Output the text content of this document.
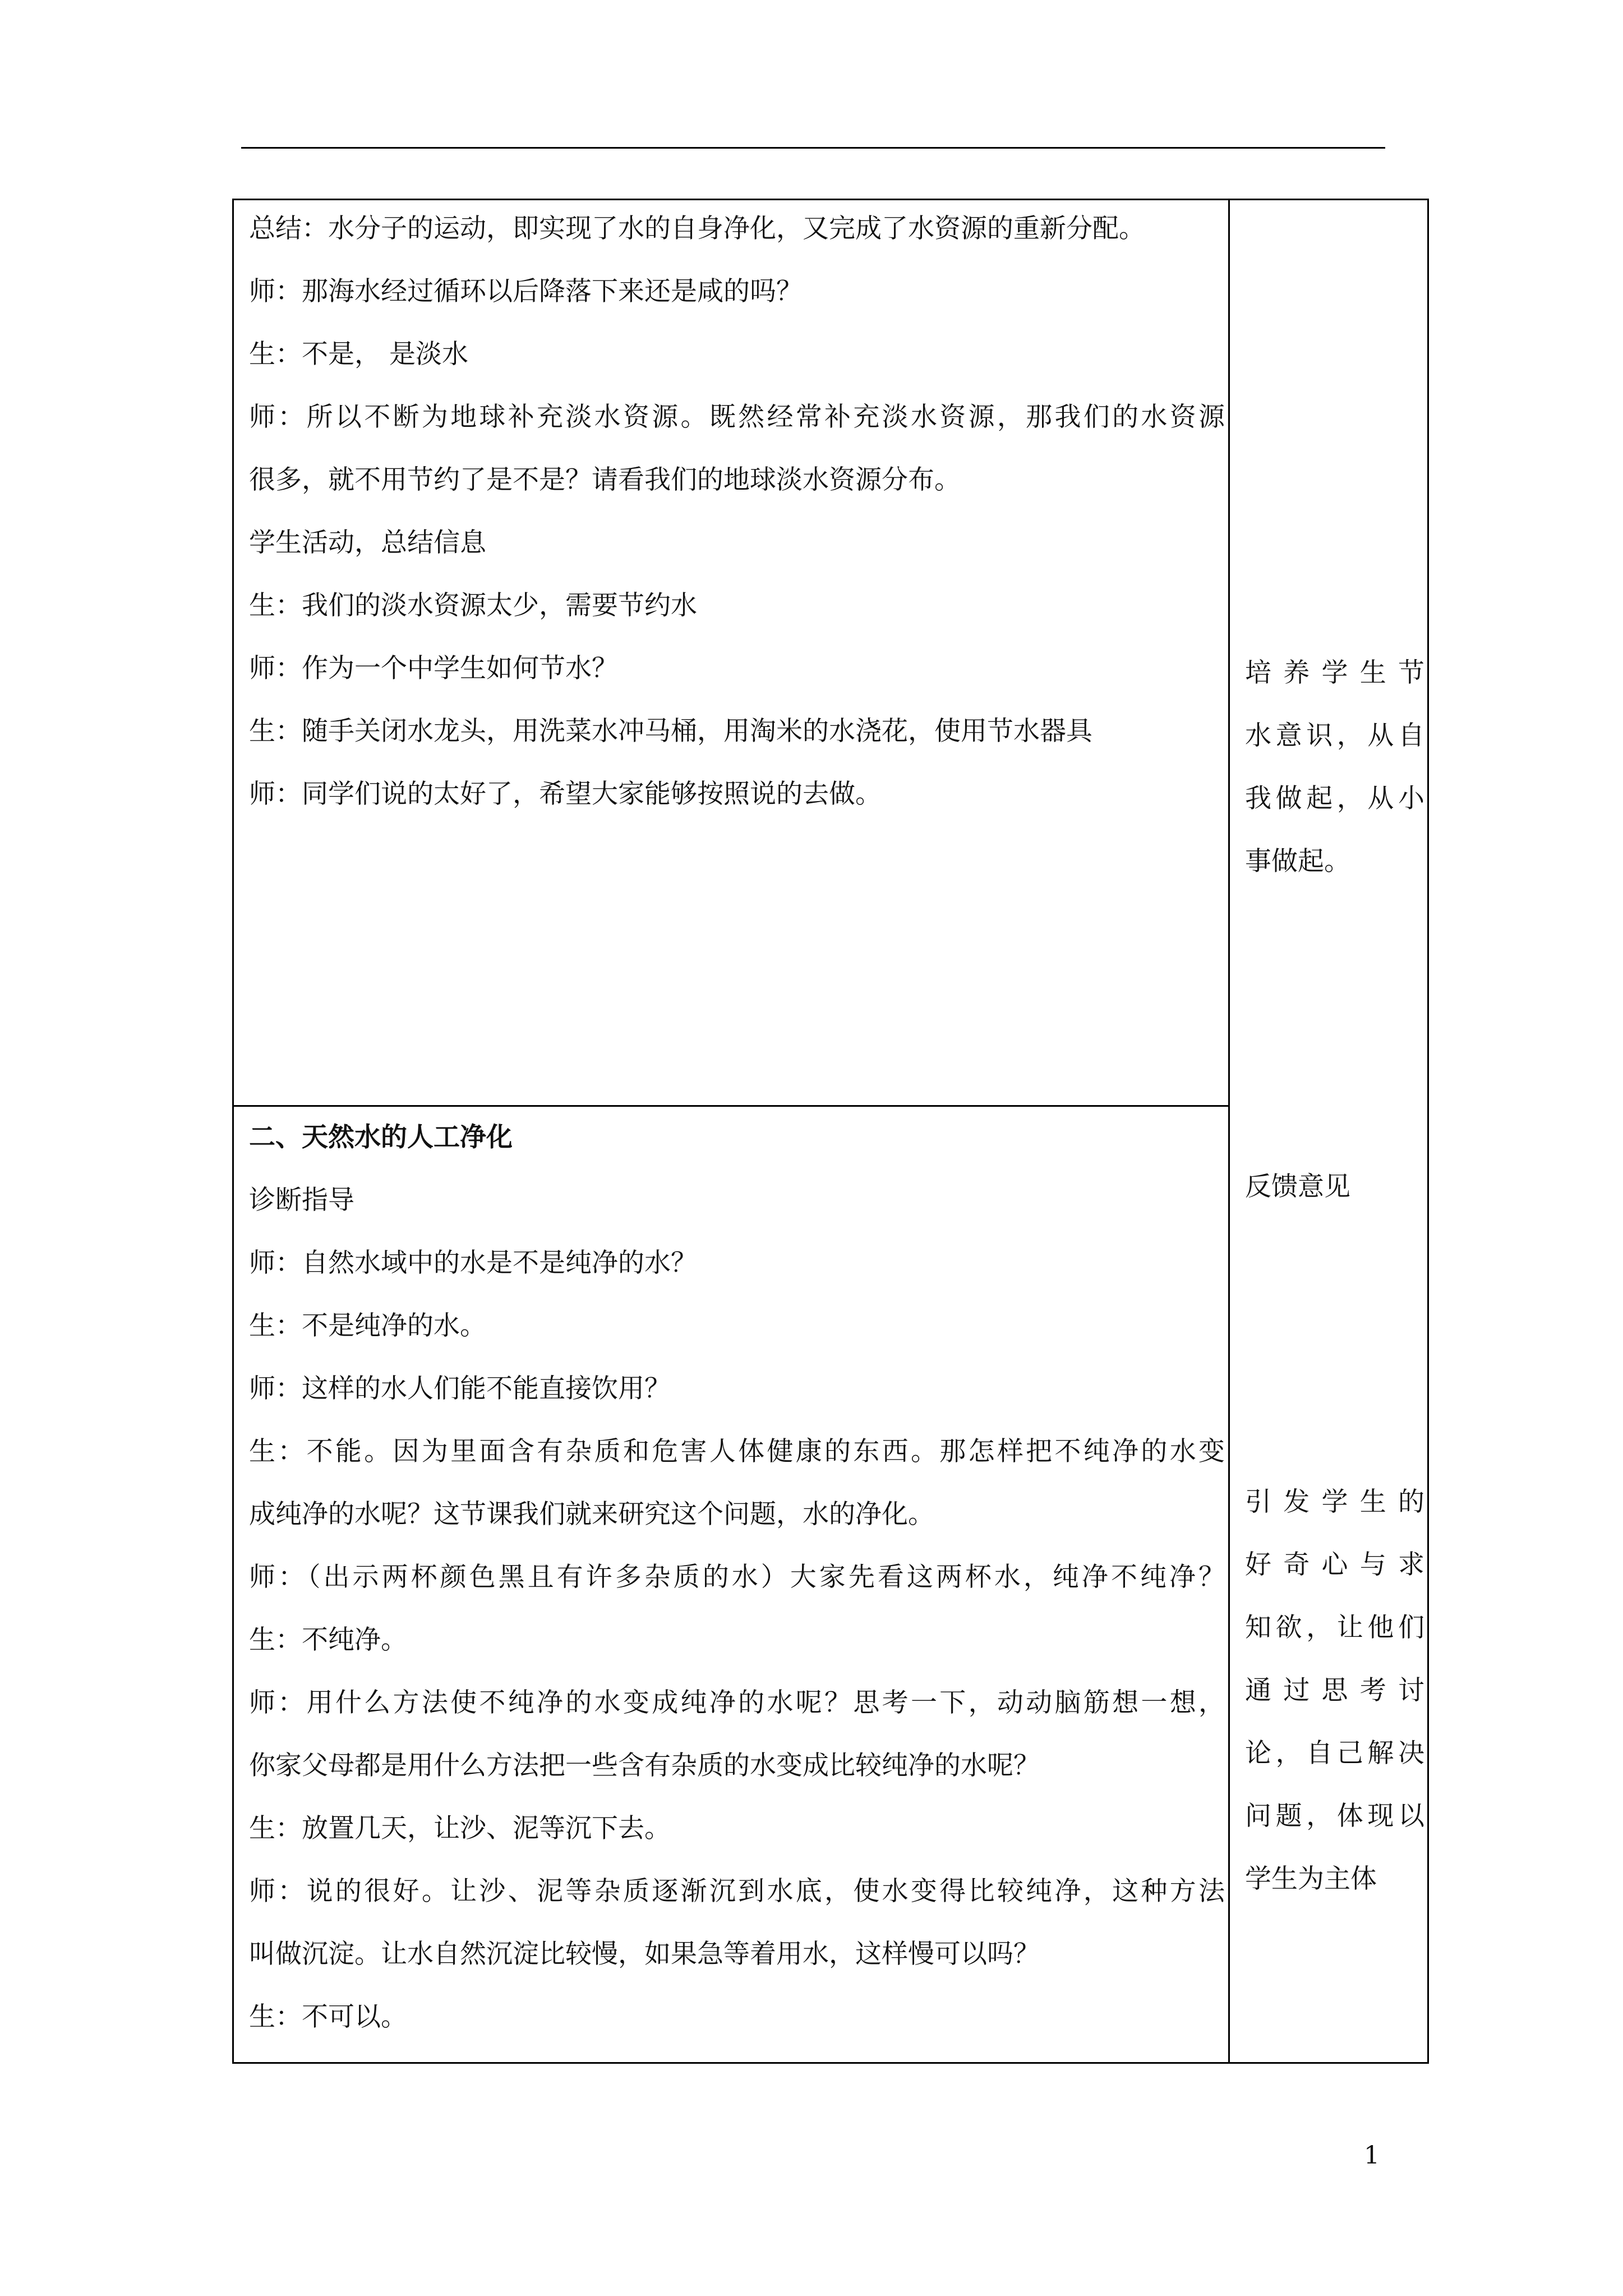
总结：水分子的运动，即实现了水的自身净化，又完成了水资源的重新分配。
师：那海水经过循环以后降落下来还是咸的吗？
生：不是， 是淡水
师：所以不断为地球补充淡水资源。既然经常补充淡水资源，那我们的水资源
很多，就不用节约了是不是？请看我们的地球淡水资源分布。
学生活动，总结信息
生：我们的淡水资源太少，需要节约水
师：作为一个中学生如何节水？
生：随手关闭水龙头，用洗菜水冲马桶，用淘米的水浇花，使用节水器具
师：同学们说的太好了，希望大家能够按照说的去做。
二、天然水的人工净化
诊断指导
师：自然水域中的水是不是纯净的水？
生：不是纯净的水。
师：这样的水人们能不能直接饮用？
生：不能。因为里面含有杂质和危害人体健康的东西。那怎样把不纯净的水变
成纯净的水呢？这节课我们就来研究这个问题，水的净化。
师：（出示两杯颜色黑且有许多杂质的水）大家先看这两杯水，纯净不纯净？
生：不纯净。
师：用什么方法使不纯净的水变成纯净的水呢？思考一下，动动脑筋想一想，
你家父母都是用什么方法把一些含有杂质的水变成比较纯净的水呢？
生：放置几天，让沙、泥等沉下去。
师：说的很好。让沙、泥等杂质逐渐沉到水底，使水变得比较纯净，这种方法
叫做沉淀。让水自然沉淀比较慢，如果急等着用水，这样慢可以吗？
生：不可以。
培养学生节
水意识，从自
我做起，从小
事做起。
反馈意见
引发学生的
好奇心与求
知欲，让他们
通过思考讨
论，自己解决
问题，体现以
学生为主体
1
